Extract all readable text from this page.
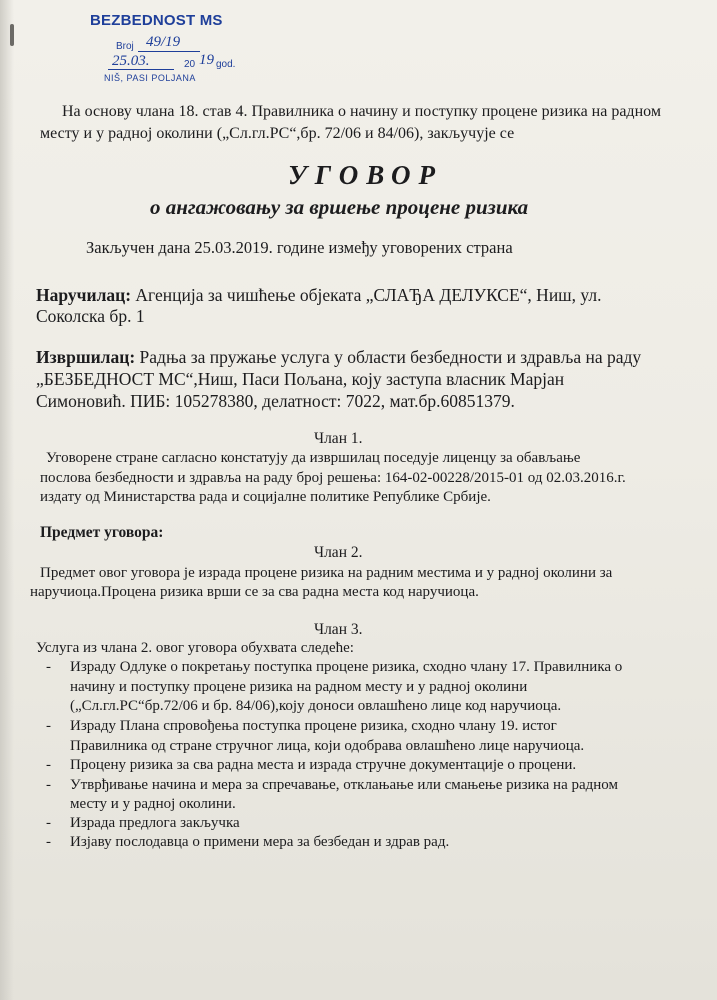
BEZBEDNOST MS
Broj 49/19
25.03.	20 19 god.
NIŠ, PASI POLJANA
На основу члана 18. став 4. Правилника о начину и поступку процене ризика на радном
месту и у радној околини („Сл.гл.РС“,бр. 72/06 и 84/06), закључује се
УГОВОР
о ангажовању за вршење процене ризика
Закључен дана 25.03.2019. године између уговорених страна
Наручилац: Агенција за чишћење објеката „СЛАЂА ДЕЛУКСЕ“, Ниш, ул.
Соколска бр. 1
Извршилац: Радња за пружање услуга у области безбедности и здравља на раду
„БЕЗБЕДНОСТ МС“,Ниш, Паси Пољана, коју заступа власник Марјан
Симоновић. ПИБ: 105278380, делатност: 7022, мат.бр.60851379.
Члан 1.
Уговорене стране сагласно констатују да извршилац поседује лиценцу за обављање
послова безбедности и здравља на раду број решења: 164-02-00228/2015-01 од 02.03.2016.г.
издату од Министарства рада и социјалне политике Републике Србије.
Предмет уговора:
Члан 2.
Предмет овог уговора је израда процене ризика на радним местима и у радној околини за
наручиоца.Процена ризика врши се за сва радна места код наручиоца.
Члан 3.
Услуга из члана 2. овог уговора обухвата следеће:
- Израду Одлуке о покретању поступка процене ризика, сходно члану 17. Правилника о
начину и поступку процене ризика на радном месту и у радној околини
(„Сл.гл.РС“бр.72/06 и бр. 84/06),коју доноси овлашћено лице код наручиоца.
- Израду Плана спровођења поступка процене ризика, сходно члану 19. истог
Правилника од стране стручног лица, који одобрава овлашћено лице наручиоца.
- Процену ризика за сва радна места и израда стручне документације о процени.
- Утврђивање начина и мера за спречавање, отклањање или смањење ризика на радном
месту и у радној околини.
- Израда предлога закључка
- Изјаву послодавца о примени мера за безбедан и здрав рад.
